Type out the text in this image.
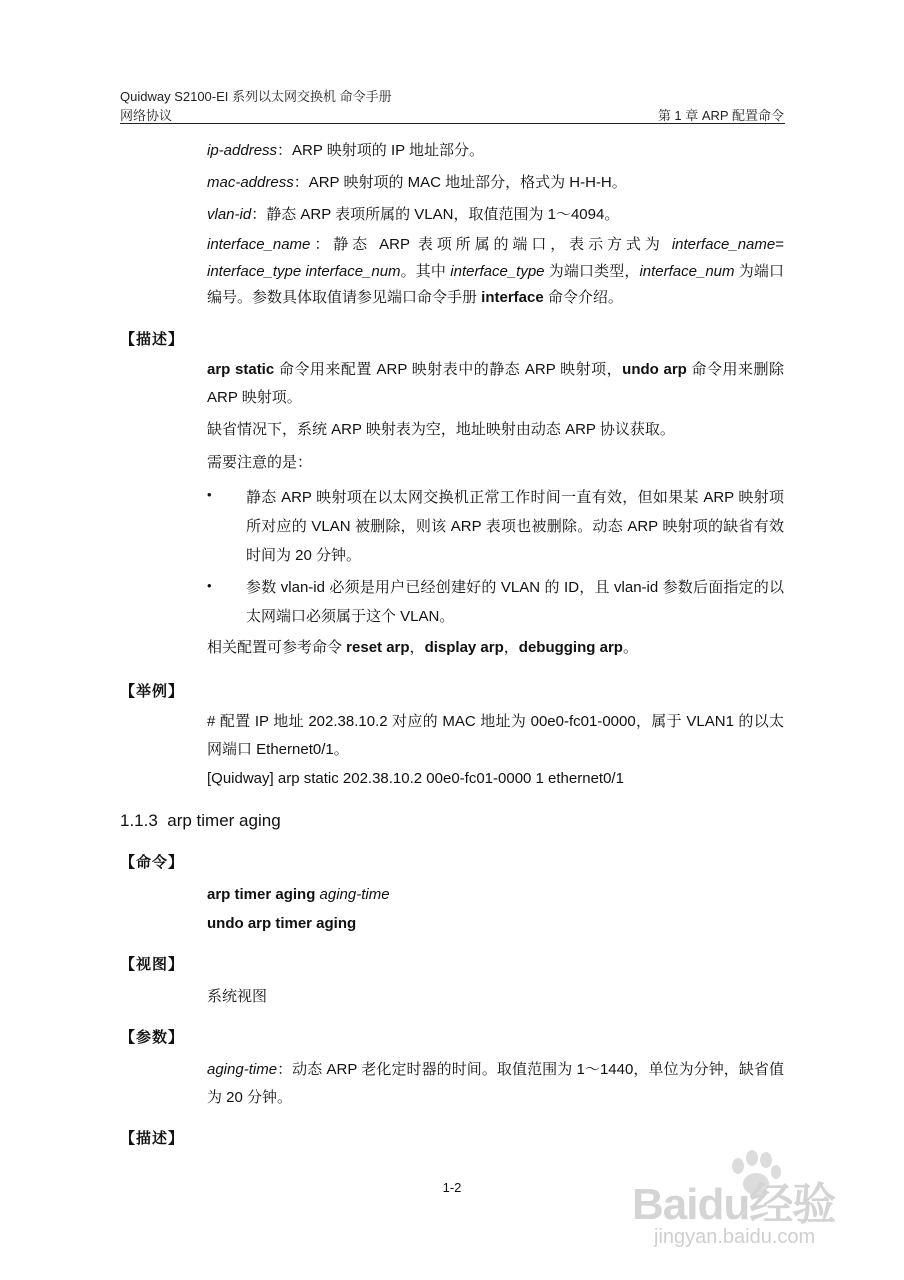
Quidway S2100-EI 系列以太网交换机 命令手册
网络协议	第 1 章 ARP 配置命令
ip-address：ARP 映射项的 IP 地址部分。
mac-address：ARP 映射项的 MAC 地址部分，格式为 H-H-H。
vlan-id：静态 ARP 表项所属的 VLAN，取值范围为 1～4094。
interface_name：静态 ARP 表项所属的端口，表示方式为 interface_name= interface_type interface_num。其中 interface_type 为端口类型，interface_num 为端口编号。参数具体取值请参见端口命令手册 interface 命令介绍。
【描述】
arp static 命令用来配置 ARP 映射表中的静态 ARP 映射项，undo arp 命令用来删除 ARP 映射项。
缺省情况下，系统 ARP 映射表为空，地址映射由动态 ARP 协议获取。
需要注意的是：
• 静态 ARP 映射项在以太网交换机正常工作时间一直有效，但如果某 ARP 映射项所对应的 VLAN 被删除，则该 ARP 表项也被删除。动态 ARP 映射项的缺省有效时间为 20 分钟。
• 参数 vlan-id 必须是用户已经创建好的 VLAN 的 ID，且 vlan-id 参数后面指定的以太网端口必须属于这个 VLAN。
相关配置可参考命令 reset arp，display arp，debugging arp。
【举例】
# 配置 IP 地址 202.38.10.2 对应的 MAC 地址为 00e0-fc01-0000，属于 VLAN1 的以太网端口 Ethernet0/1。
[Quidway] arp static 202.38.10.2 00e0-fc01-0000 1 ethernet0/1
1.1.3 arp timer aging
【命令】
arp timer aging aging-time
undo arp timer aging
【视图】
系统视图
【参数】
aging-time：动态 ARP 老化定时器的时间。取值范围为 1～1440，单位为分钟，缺省值为 20 分钟。
【描述】
1-2	Baidu经验
jingyan.baidu.com
